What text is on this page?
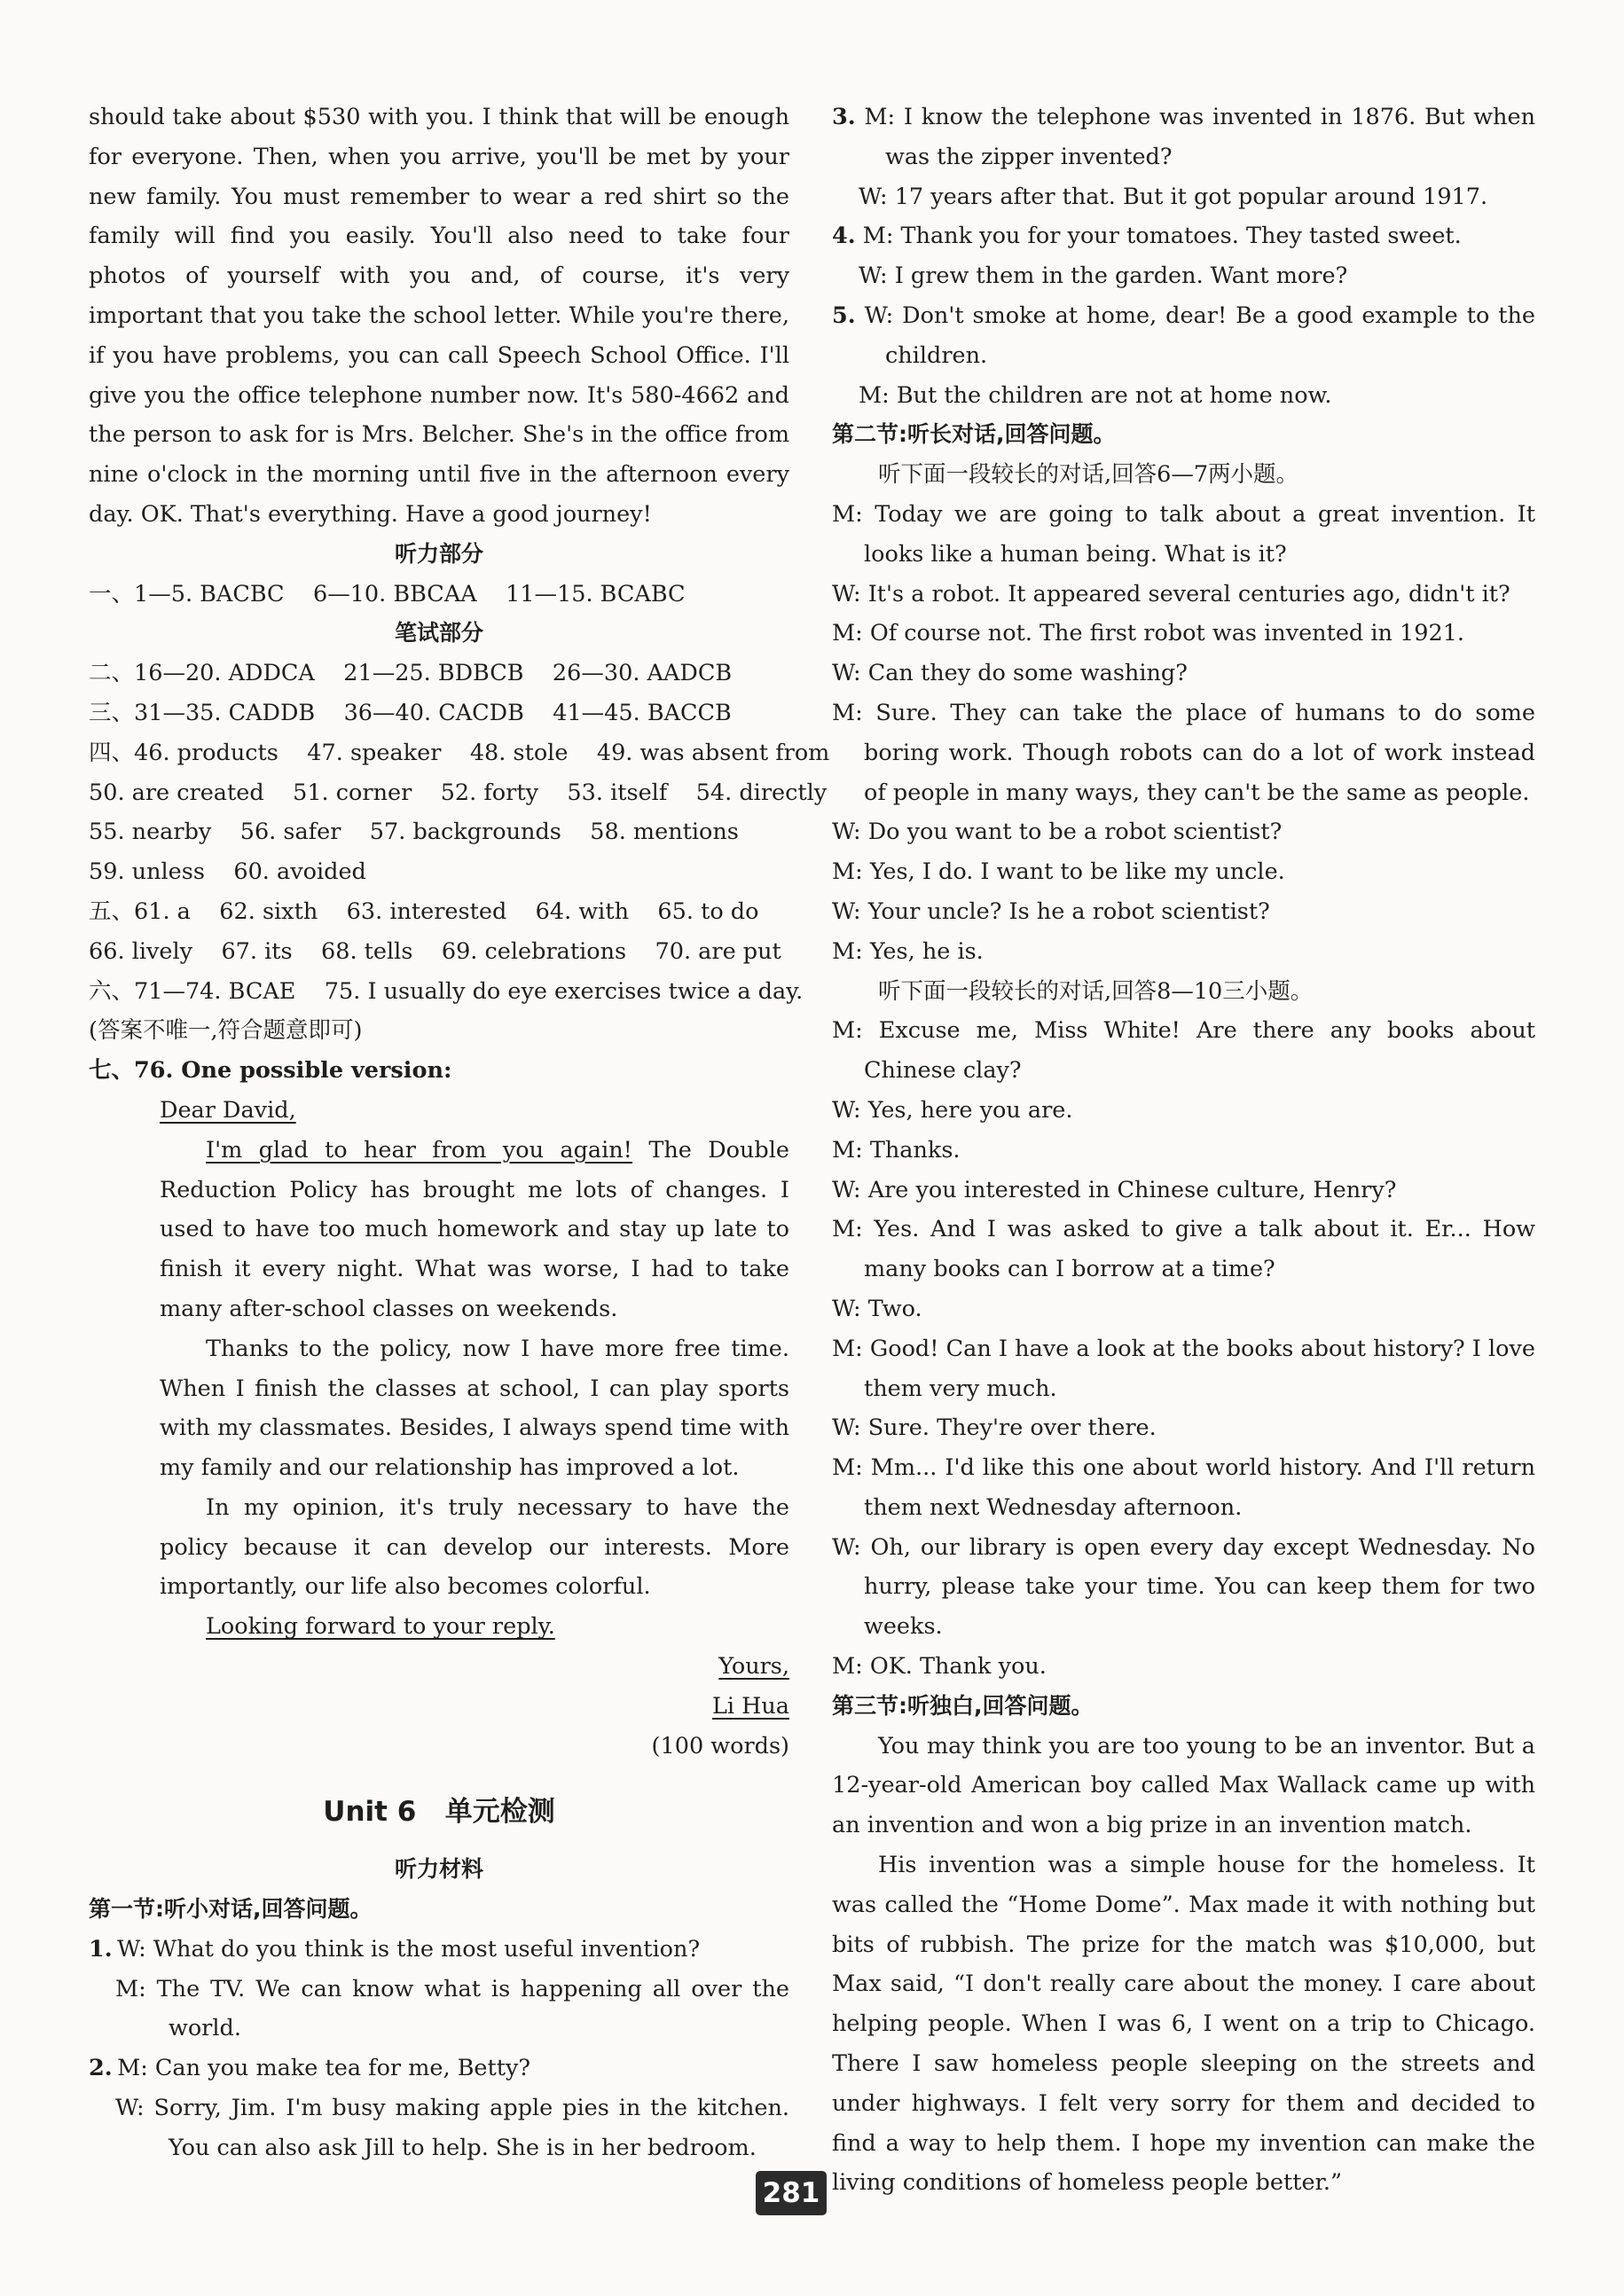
should take about $530 with you. I think that will be enough for everyone. Then, when you arrive, you'll be met by your new family. You must remember to wear a red shirt so the family will find you easily. You'll also need to take four photos of yourself with you and, of course, it's very important that you take the school letter. While you're there, if you have problems, you can call Speech School Office. I'll give you the office telephone number now. It's 580-4662 and the person to ask for is Mrs. Belcher. She's in the office from nine o'clock in the morning until five in the afternoon every day. OK. That's everything. Have a good journey!

听力部分

一、1—5. BACBC    6—10. BBCAA    11—15. BCABC

笔试部分

二、16—20. ADDCA    21—25. BDBCB    26—30. AADCB

三、31—35. CADDB    36—40. CACDB    41—45. BACCB

四、46. products    47. speaker    48. stole    49. was absent from

50. are created    51. corner    52. forty    53. itself    54. directly

55. nearby    56. safer    57. backgrounds    58. mentions

59. unless    60. avoided

五、61. a    62. sixth    63. interested    64. with    65. to do

66. lively    67. its    68. tells    69. celebrations    70. are put

六、71—74. BCAE    75. I usually do eye exercises twice a day.

(答案不唯一,符合题意即可)

七、76. One possible version:

Dear David,

I'm glad to hear from you again! The Double Reduction Policy has brought me lots of changes. I used to have too much homework and stay up late to finish it every night. What was worse, I had to take many after-school classes on weekends.

Thanks to the policy, now I have more free time. When I finish the classes at school, I can play sports with my classmates. Besides, I always spend time with my family and our relationship has improved a lot.

In my opinion, it's truly necessary to have the policy because it can develop our interests. More importantly, our life also becomes colorful.

Looking forward to your reply.

Yours,

Li Hua

(100 words)

Unit 6   单元检测

听力材料

第一节:听小对话,回答问题。

1. W: What do you think is the most useful invention?

M: The TV. We can know what is happening all over the world.

2. M: Can you make tea for me, Betty?

W: Sorry, Jim. I'm busy making apple pies in the kitchen. You can also ask Jill to help. She is in her bedroom.

3. M: I know the telephone was invented in 1876. But when was the zipper invented?

W: 17 years after that. But it got popular around 1917.

4. M: Thank you for your tomatoes. They tasted sweet.

W: I grew them in the garden. Want more?

5. W: Don't smoke at home, dear! Be a good example to the children.

M: But the children are not at home now.

第二节:听长对话,回答问题。

听下面一段较长的对话,回答6—7两小题。

M: Today we are going to talk about a great invention. It looks like a human being. What is it?

W: It's a robot. It appeared several centuries ago, didn't it?

M: Of course not. The first robot was invented in 1921.

W: Can they do some washing?

M: Sure. They can take the place of humans to do some boring work. Though robots can do a lot of work instead of people in many ways, they can't be the same as people.

W: Do you want to be a robot scientist?

M: Yes, I do. I want to be like my uncle.

W: Your uncle? Is he a robot scientist?

M: Yes, he is.

听下面一段较长的对话,回答8—10三小题。

M: Excuse me, Miss White! Are there any books about Chinese clay?

W: Yes, here you are.

M: Thanks.

W: Are you interested in Chinese culture, Henry?

M: Yes. And I was asked to give a talk about it. Er... How many books can I borrow at a time?

W: Two.

M: Good! Can I have a look at the books about history? I love them very much.

W: Sure. They're over there.

M: Mm... I'd like this one about world history. And I'll return them next Wednesday afternoon.

W: Oh, our library is open every day except Wednesday. No hurry, please take your time. You can keep them for two weeks.

M: OK. Thank you.

第三节:听独白,回答问题。

You may think you are too young to be an inventor. But a 12-year-old American boy called Max Wallack came up with an invention and won a big prize in an invention match.

His invention was a simple house for the homeless. It was called the “Home Dome”. Max made it with nothing but bits of rubbish. The prize for the match was $10,000, but Max said, “I don't really care about the money. I care about helping people. When I was 6, I went on a trip to Chicago. There I saw homeless people sleeping on the streets and under highways. I felt very sorry for them and decided to find a way to help them. I hope my invention can make the living conditions of homeless people better.”

281
